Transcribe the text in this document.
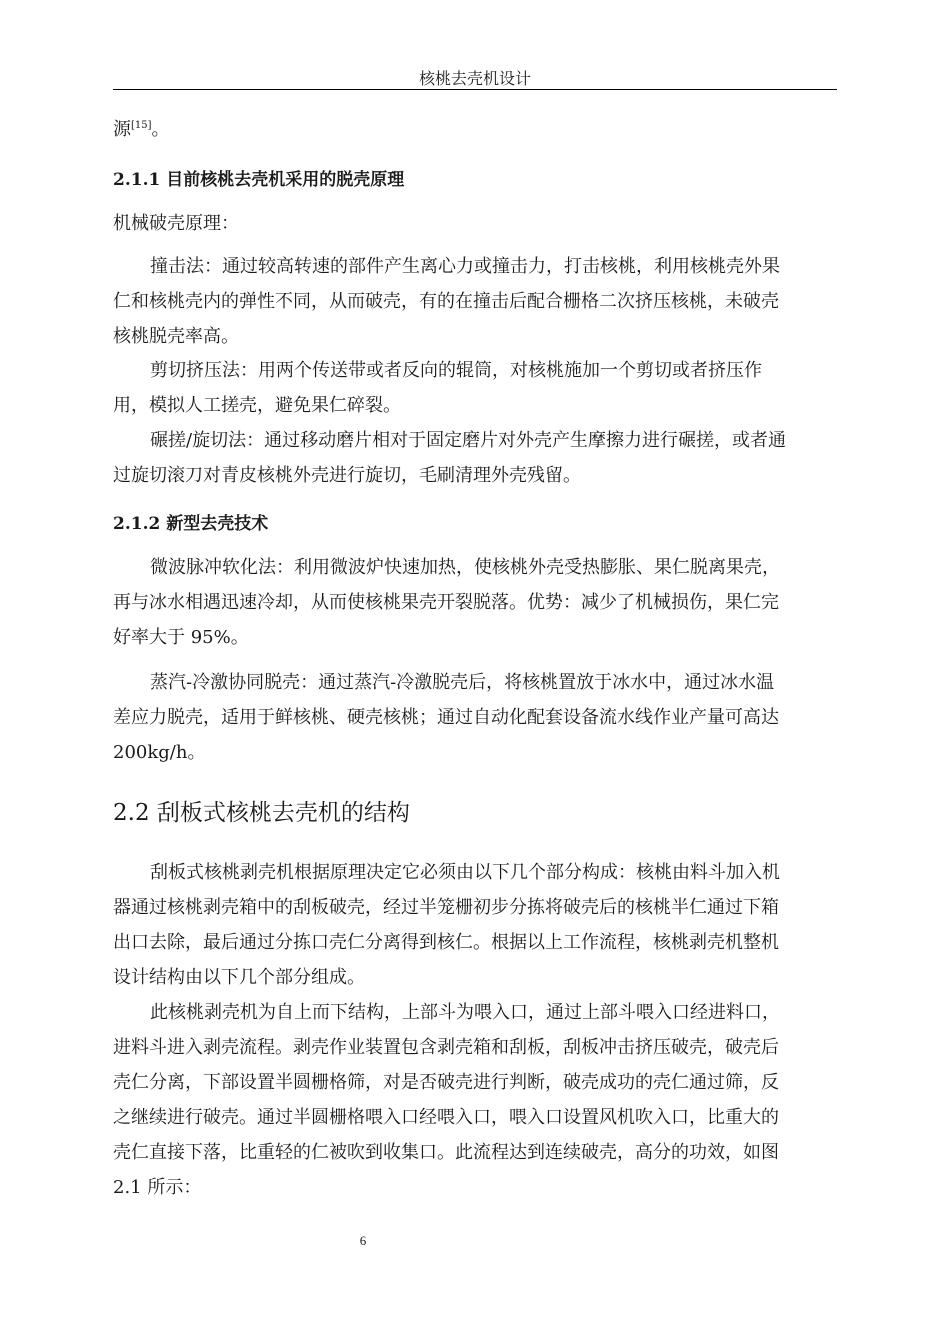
核桃去壳机设计
源[15]。
2.1.1 目前核桃去壳机采用的脱壳原理
机械破壳原理：
撞击法：通过较高转速的部件产生离心力或撞击力，打击核桃，利用核桃壳外果
仁和核桃壳内的弹性不同，从而破壳，有的在撞击后配合栅格二次挤压核桃，未破壳
核桃脱壳率高。
剪切挤压法：用两个传送带或者反向的辊筒，对核桃施加一个剪切或者挤压作
用，模拟人工搓壳，避免果仁碎裂。
碾搓/旋切法：通过移动磨片相对于固定磨片对外壳产生摩擦力进行碾搓，或者通
过旋切滚刀对青皮核桃外壳进行旋切，毛刷清理外壳残留。
2.1.2 新型去壳技术
微波脉冲软化法：利用微波炉快速加热，使核桃外壳受热膨胀、果仁脱离果壳，
再与冰水相遇迅速冷却，从而使核桃果壳开裂脱落。优势：减少了机械损伤，果仁完
好率大于 95%。
蒸汽-冷激协同脱壳：通过蒸汽-冷激脱壳后，将核桃置放于冰水中，通过冰水温
差应力脱壳，适用于鲜核桃、硬壳核桃；通过自动化配套设备流水线作业产量可高达
200kg/h。
2.2 刮板式核桃去壳机的结构
刮板式核桃剥壳机根据原理决定它必须由以下几个部分构成：核桃由料斗加入机
器通过核桃剥壳箱中的刮板破壳，经过半笼栅初步分拣将破壳后的核桃半仁通过下箱
出口去除，最后通过分拣口壳仁分离得到核仁。根据以上工作流程，核桃剥壳机整机
设计结构由以下几个部分组成。
此核桃剥壳机为自上而下结构，上部斗为喂入口，通过上部斗喂入口经进料口，
进料斗进入剥壳流程。剥壳作业装置包含剥壳箱和刮板，刮板冲击挤压破壳，破壳后
壳仁分离，下部设置半圆栅格筛，对是否破壳进行判断，破壳成功的壳仁通过筛，反
之继续进行破壳。通过半圆栅格喂入口经喂入口，喂入口设置风机吹入口，比重大的
壳仁直接下落，比重轻的仁被吹到收集口。此流程达到连续破壳，高分的功效，如图
2.1 所示：
6
